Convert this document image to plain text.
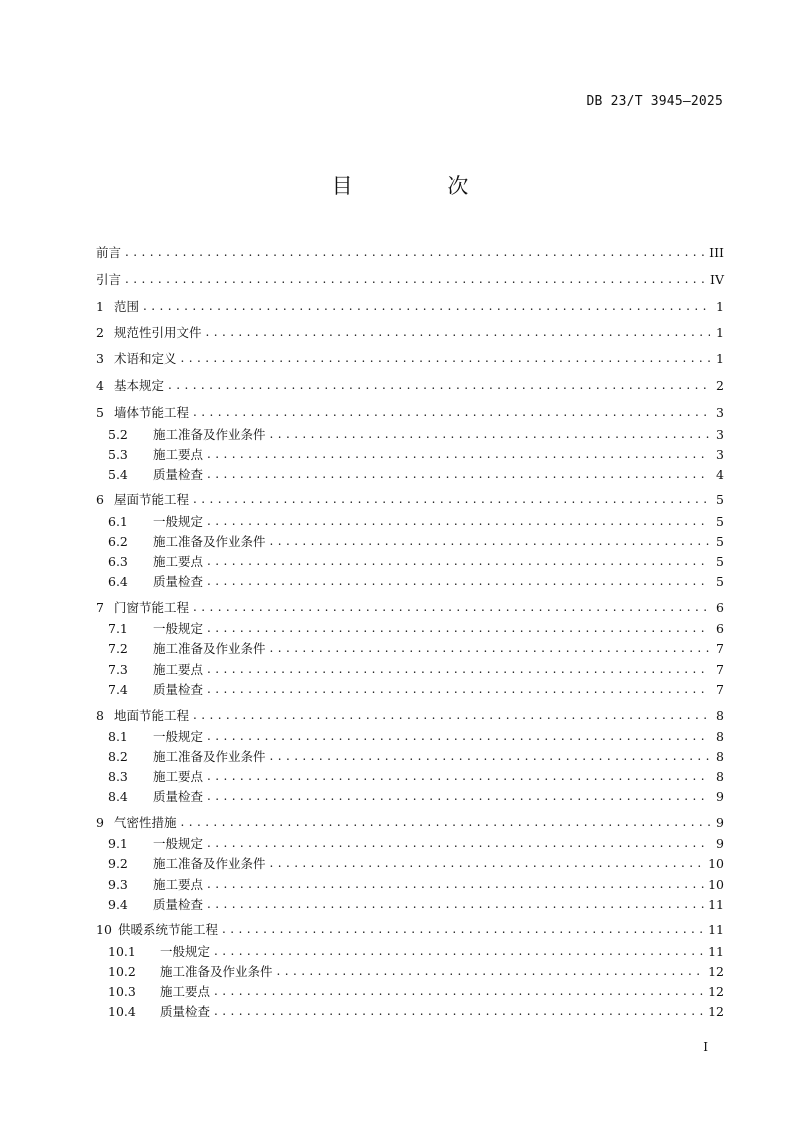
DB 23/T 3945—2025
目 次
前言 . . .	III
引言 . . .	IV
1 范围 . . .	1
2 规范性引用文件 . . .	1
3 术语和定义 . . .	1
4 基本规定 . . .	2
5 墙体节能工程 . . .	3
5.2	施工准备及作业条件 . . .	3
5.3	施工要点 . . .	3
5.4	质量检查 . . .	4
6 屋面节能工程 . . .	5
6.1	一般规定 . . .	5
6.2	施工准备及作业条件 . . .	5
6.3	施工要点 . . .	5
6.4	质量检查 . . .	5
7 门窗节能工程 . . .	6
7.1	一般规定 . . .	6
7.2	施工准备及作业条件 . . .	7
7.3	施工要点 . . .	7
7.4	质量检查 . . .	7
8 地面节能工程 . . .	8
8.1	一般规定 . . .	8
8.2	施工准备及作业条件 . . .	8
8.3	施工要点 . . .	8
8.4	质量检查 . . .	9
9 气密性措施 . . .	9
9.1	一般规定 . . .	9
9.2	施工准备及作业条件 . . .	10
9.3	施工要点 . . .	10
9.4	质量检查 . . .	11
10 供暖系统节能工程 . . .	11
10.1	一般规定 . . .	11
10.2	施工准备及作业条件 . . .	12
10.3	施工要点 . . .	12
10.4	质量检查 . . .	12
I
